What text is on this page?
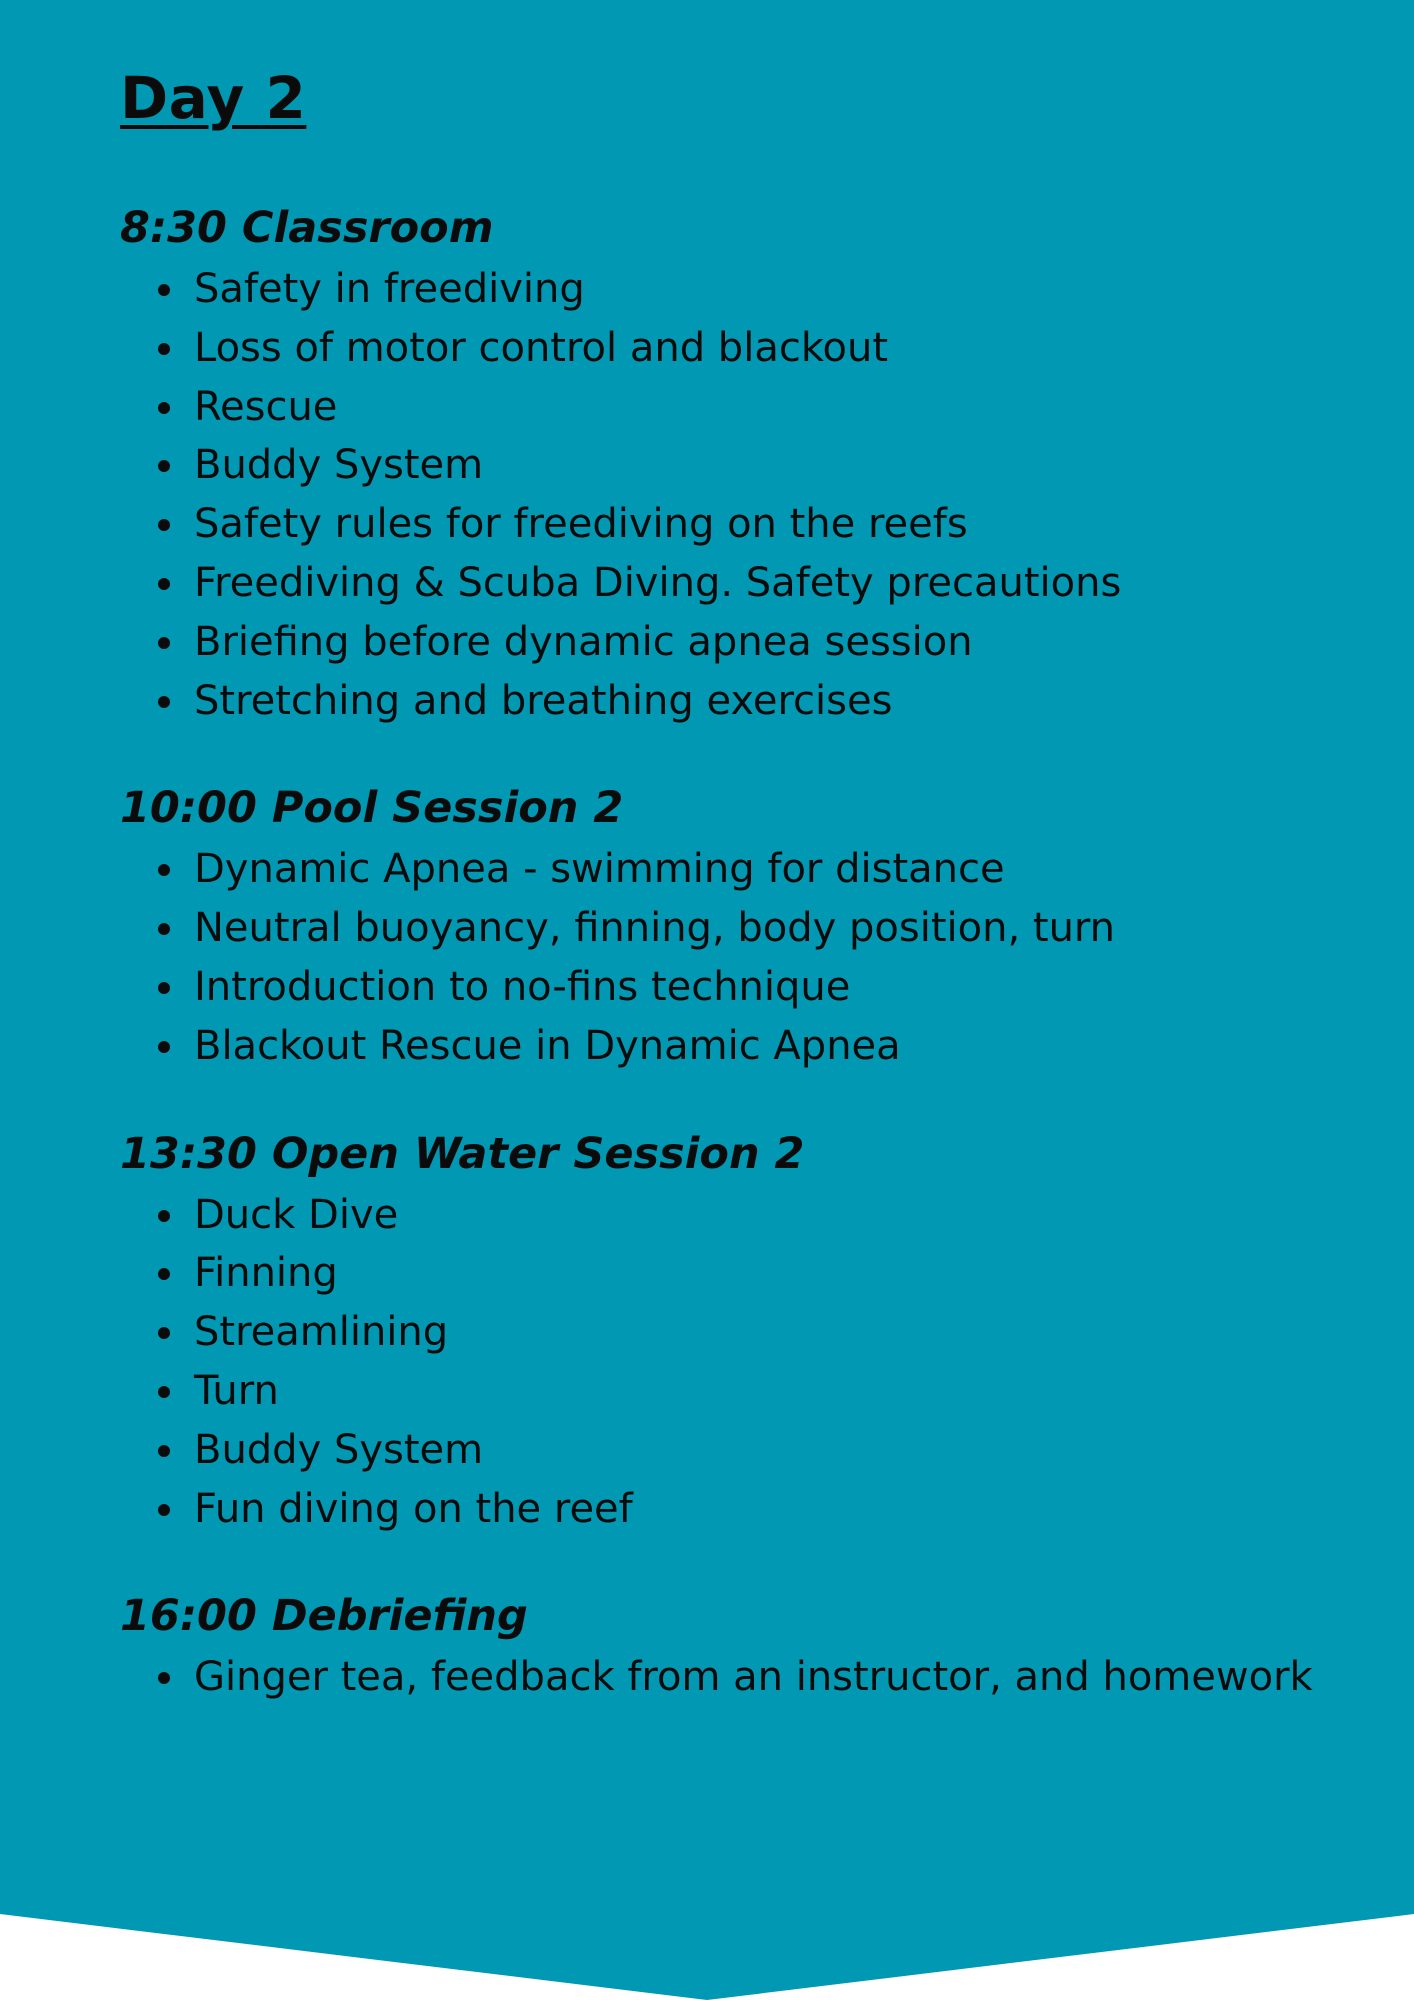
Day 2
8:30 Classroom
Safety in freediving
Loss of motor control and blackout
Rescue
Buddy System
Safety rules for freediving on the reefs
Freediving & Scuba Diving. Safety precautions
Briefing before dynamic apnea session
Stretching and breathing exercises
10:00 Pool Session 2
Dynamic Apnea - swimming for distance
Neutral buoyancy, finning, body position, turn
Introduction to no-fins technique
Blackout Rescue in Dynamic Apnea
13:30 Open Water Session 2
Duck Dive
Finning
Streamlining
Turn
Buddy System
Fun diving on the reef
16:00 Debriefing
Ginger tea, feedback from an instructor, and homework
